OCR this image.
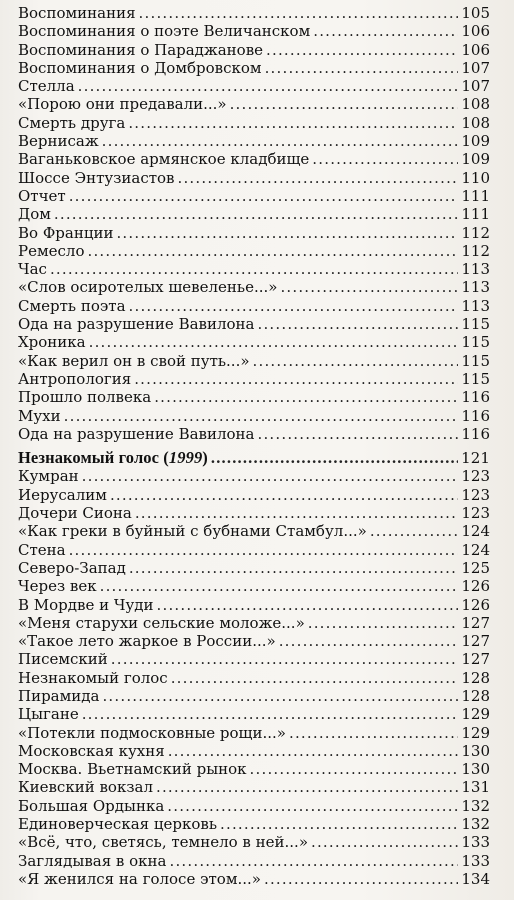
Воспоминания .....	105
Воспоминания о поэте Величанском .....	106
Воспоминания о Параджанове .....	106
Воспоминания о Домбровском .....	107
Стелла .....	107
«Порою они предавали...» .....	108
Смерть друга .....	108
Вернисаж .....	109
Ваганьковское армянское кладбище .....	109
Шоссе Энтузиастов .....	110
Отчет .....	111
Дом .....	111
Во Франции .....	112
Ремесло .....	112
Час .....	113
«Слов осиротелых шевеленье...» .....	113
Смерть поэта .....	113
Ода на разрушение Вавилона .....	115
Хроника .....	115
«Как верил он в свой путь...» .....	115
Антропология .....	115
Прошло полвека .....	116
Мухи .....	116
Ода на разрушение Вавилона .....	116
Незнакомый голос (1999) .....	121
Кумран .....	123
Иерусалим .....	123
Дочери Сиона .....	123
«Как греки в буйный с бубнами Стамбул...» .....	124
Стена .....	124
Северо-Запад .....	125
Через век .....	126
В Мордве и Чуди .....	126
«Меня старухи сельские моложе...» .....	127
«Такое лето жаркое в России...» .....	127
Писемский .....	127
Незнакомый голос .....	128
Пирамида .....	128
Цыгане .....	129
«Потекли подмосковные рощи...» .....	129
Московская кухня .....	130
Москва. Вьетнамский рынок .....	130
Киевский вокзал .....	131
Большая Ордынка .....	132
Единоверческая церковь .....	132
«Всё, что, светясь, темнело в ней...» .....	133
Заглядывая в окна .....	133
«Я женился на голосе этом...» .....	134
